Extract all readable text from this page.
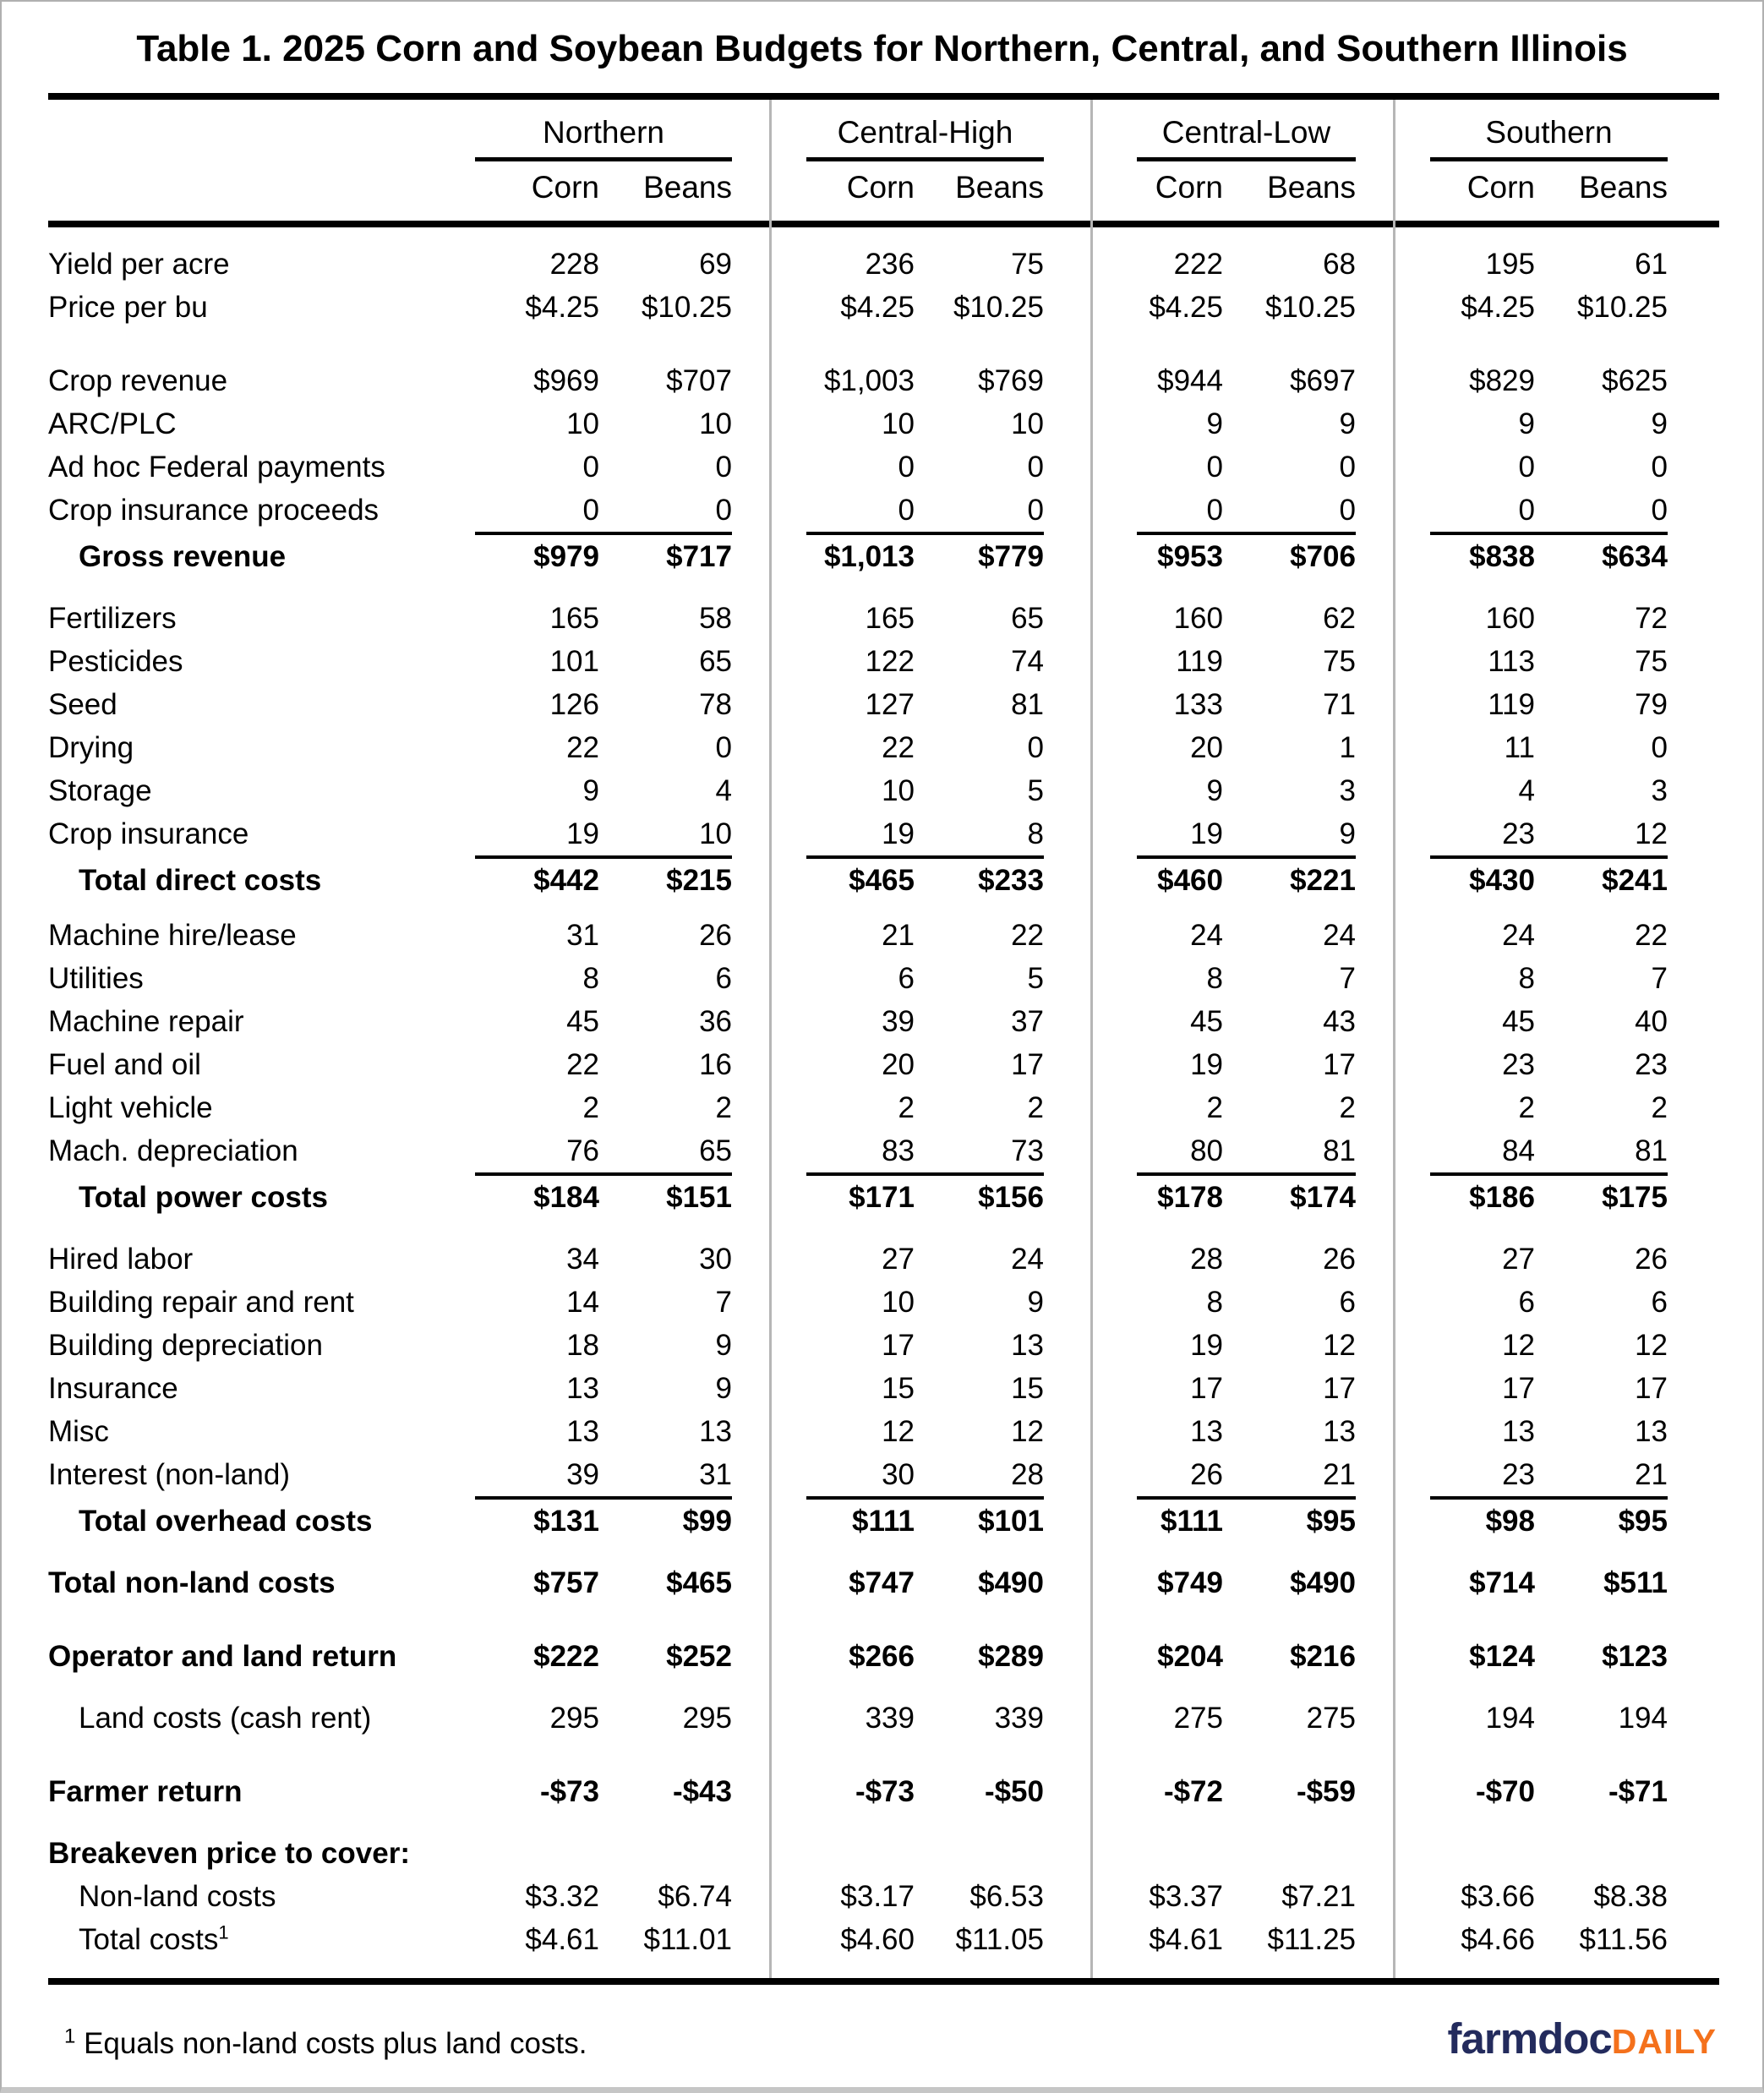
Table 1. 2025 Corn and Soybean Budgets for Northern, Central, and Southern Illinois
Northern	Central-High	Central-Low	Southern
Corn	Beans	Corn	Beans	Corn	Beans	Corn	Beans
Yield per acre	228	69	236	75	222	68	195	61
Price per bu	$4.25	$10.25	$4.25	$10.25	$4.25	$10.25	$4.25	$10.25
Crop revenue	$969	$707	$1,003	$769	$944	$697	$829	$625
ARC/PLC	10	10	10	10	9	9	9	9
Ad hoc Federal payments	0	0	0	0	0	0	0	0
Crop insurance proceeds	0	0	0	0	0	0	0	0
Gross revenue	$979	$717	$1,013	$779	$953	$706	$838	$634
Fertilizers	165	58	165	65	160	62	160	72
Pesticides	101	65	122	74	119	75	113	75
Seed	126	78	127	81	133	71	119	79
Drying	22	0	22	0	20	1	11	0
Storage	9	4	10	5	9	3	4	3
Crop insurance	19	10	19	8	19	9	23	12
Total direct costs	$442	$215	$465	$233	$460	$221	$430	$241
Machine hire/lease	31	26	21	22	24	24	24	22
Utilities	8	6	6	5	8	7	8	7
Machine repair	45	36	39	37	45	43	45	40
Fuel and oil	22	16	20	17	19	17	23	23
Light vehicle	2	2	2	2	2	2	2	2
Mach. depreciation	76	65	83	73	80	81	84	81
Total power costs	$184	$151	$171	$156	$178	$174	$186	$175
Hired labor	34	30	27	24	28	26	27	26
Building repair and rent	14	7	10	9	8	6	6	6
Building depreciation	18	9	17	13	19	12	12	12
Insurance	13	9	15	15	17	17	17	17
Misc	13	13	12	12	13	13	13	13
Interest (non-land)	39	31	30	28	26	21	23	21
Total overhead costs	$131	$99	$111	$101	$111	$95	$98	$95
Total non-land costs	$757	$465	$747	$490	$749	$490	$714	$511
Operator and land return	$222	$252	$266	$289	$204	$216	$124	$123
Land costs (cash rent)	295	295	339	339	275	275	194	194
Farmer return	-$73	-$43	-$73	-$50	-$72	-$59	-$70	-$71
Breakeven price to cover:
Non-land costs	$3.32	$6.74	$3.17	$6.53	$3.37	$7.21	$3.66	$8.38
Total costs$^1$	$4.61	$11.01	$4.60	$11.05	$4.61	$11.25	$4.66	$11.56
$^1$ Equals non-land costs plus land costs.	farmdocDAILY
